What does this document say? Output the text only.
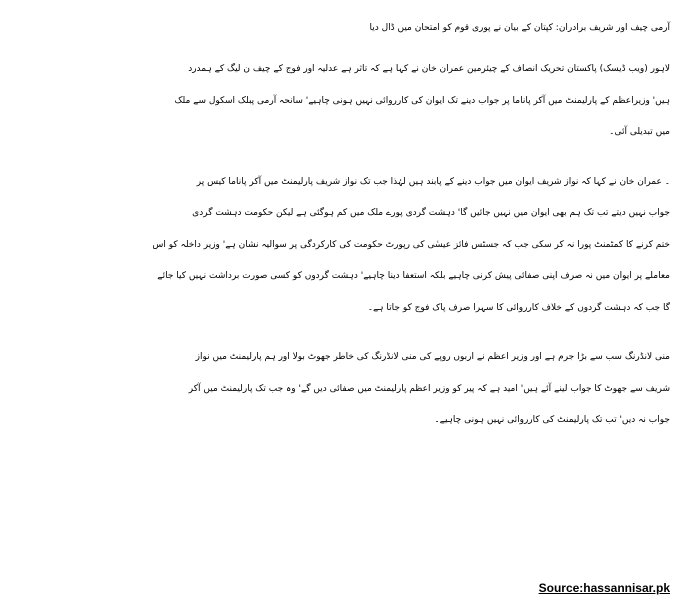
آرمی چیف اور شریف برادران: کپتان کے بیان نے پوری قوم کو امتحان میں ڈال دیا
لاہور (ویب ڈیسک) پاکستان تحریک انصاف کے چیئرمین عمران خان نے کہا ہے کہ تاثر ہے عدلیہ اور فوج کے چیف ن لیگ کے ہمدرد
ہیں' وزیراعظم کے پارلیمنٹ میں آکر پاناما پر جواب دینے تک ایوان کی کارروائی نہیں ہونی چاہیے' سانحہ آرمی پبلک اسکول سے ملک
میں تبدیلی آئی۔
۔ عمران خان نے کہا کہ نواز شریف ایوان میں جواب دینے کے پابند ہیں لہٰذا جب تک نواز شریف پارلیمنٹ میں آکر پاناما کیس پر
جواب نہیں دیتے تب تک ہم بھی ایوان میں نہیں جائیں گا' دہشت گردی پورے ملک میں کم ہوگئی ہے لیکن حکومت دہشت گردی
ختم کرنے کا کمٹمنٹ پورا نہ کر سکی جب کہ جسٹس فائز عیسٰی کی رپورٹ حکومت کی کارکردگی پر سوالیہ نشان ہے' وزیر داخلہ کو اس
معاملے پر ایوان میں نہ صرف اپنی صفائی پیش کرنی چاہیے بلکہ استعفا دینا چاہیے' دہشت گردوں کو کسی صورت برداشت نہیں کیا جائے
گا جب کہ دہشت گردوں کے خلاف کارروائی کا سہرا صرف پاک فوج کو جاتا ہے۔
منی لانڈرنگ سب سے بڑا جرم ہے اور وزیر اعظم نے اربوں روپے کی منی لانڈرنگ کی خاطر جھوٹ بولا اور ہم پارلیمنٹ میں نواز
شریف سے جھوٹ کا جواب لینے آئے ہیں' امید ہے کہ پیر کو وزیر اعظم پارلیمنٹ میں صفائی دیں گے' وہ جب تک پارلیمنٹ میں آکر
جواب نہ دیں' تب تک پارلیمنٹ کی کارروائی نہیں ہونی چاہیے۔
Source:hassannisar.pk
